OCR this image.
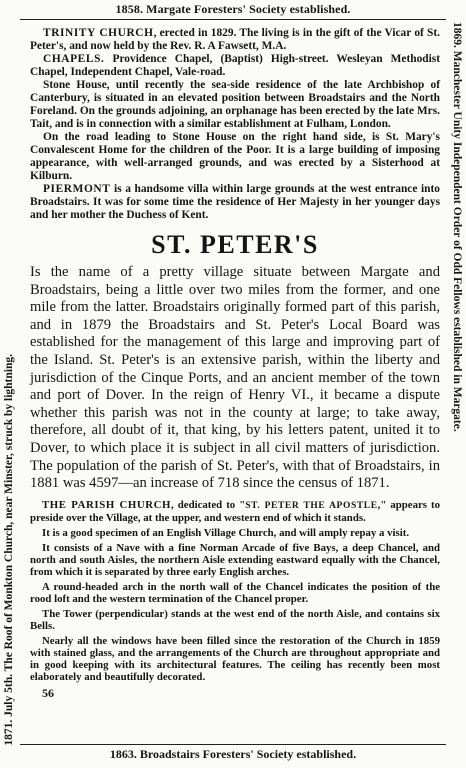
1858. Margate Foresters' Society established.
1871. July 5th. The Roof of Monkton Church, near Minster, struck by lightning.
1869. Manchester Unity Independent Order of Odd Fellows established in Margate.

TRINITY CHURCH, erected in 1829. The living is in the gift of the Vicar of St. Peter's, and now held by the Rev. R. A Fawsett, M.A.

CHAPELS. Providence Chapel, (Baptist) High-street. Wesleyan Methodist Chapel, Independent Chapel, Vale-road.

Stone House, until recently the sea-side residence of the late Archbishop of Canterbury, is situated in an elevated position between Broadstairs and the North Foreland. On the grounds adjoining, an orphanage has been erected by the late Mrs. Tait, and is in connection with a similar establishment at Fulham, London.

On the road leading to Stone House on the right hand side, is St. Mary's Convalescent Home for the children of the Poor. It is a large building of imposing appearance, with well-arranged grounds, and was erected by a Sisterhood at Kilburn.

PIERMONT is a handsome villa within large grounds at the west entrance into Broadstairs. It was for some time the residence of Her Majesty in her younger days and her mother the Duchess of Kent.

ST. PETER'S

Is the name of a pretty village situate between Margate and Broadstairs, being a little over two miles from the former, and one mile from the latter. Broadstairs originally formed part of this parish, and in 1879 the Broadstairs and St. Peter's Local Board was established for the management of this large and improving part of the Island. St. Peter's is an extensive parish, within the liberty and jurisdiction of the Cinque Ports, and an ancient member of the town and port of Dover. In the reign of Henry VI., it became a dispute whether this parish was not in the county at large; to take away, therefore, all doubt of it, that king, by his letters patent, united it to Dover, to which place it is subject in all civil matters of jurisdiction. The population of the parish of St. Peter's, with that of Broadstairs, in 1881 was 4597—an increase of 718 since the census of 1871.

THE PARISH CHURCH, dedicated to "ST. PETER THE APOSTLE," appears to preside over the Village, at the upper, and western end of which it stands.

It is a good specimen of an English Village Church, and will amply repay a visit.

It consists of a Nave with a fine Norman Arcade of five Bays, a deep Chancel, and north and south Aisles, the northern Aisle extending eastward equally with the Chancel, from which it is separated by three early English arches.

A round-headed arch in the north wall of the Chancel indicates the position of the rood loft and the western termination of the Chancel proper.

The Tower (perpendicular) stands at the west end of the north Aisle, and contains six Bells.

Nearly all the windows have been filled since the restoration of the Church in 1859 with stained glass, and the arrangements of the Church are throughout appropriate and in good keeping with its architectural features. The ceiling has recently been most elaborately and beautifully decorated.

56
1863. Broadstairs Foresters' Society established.
